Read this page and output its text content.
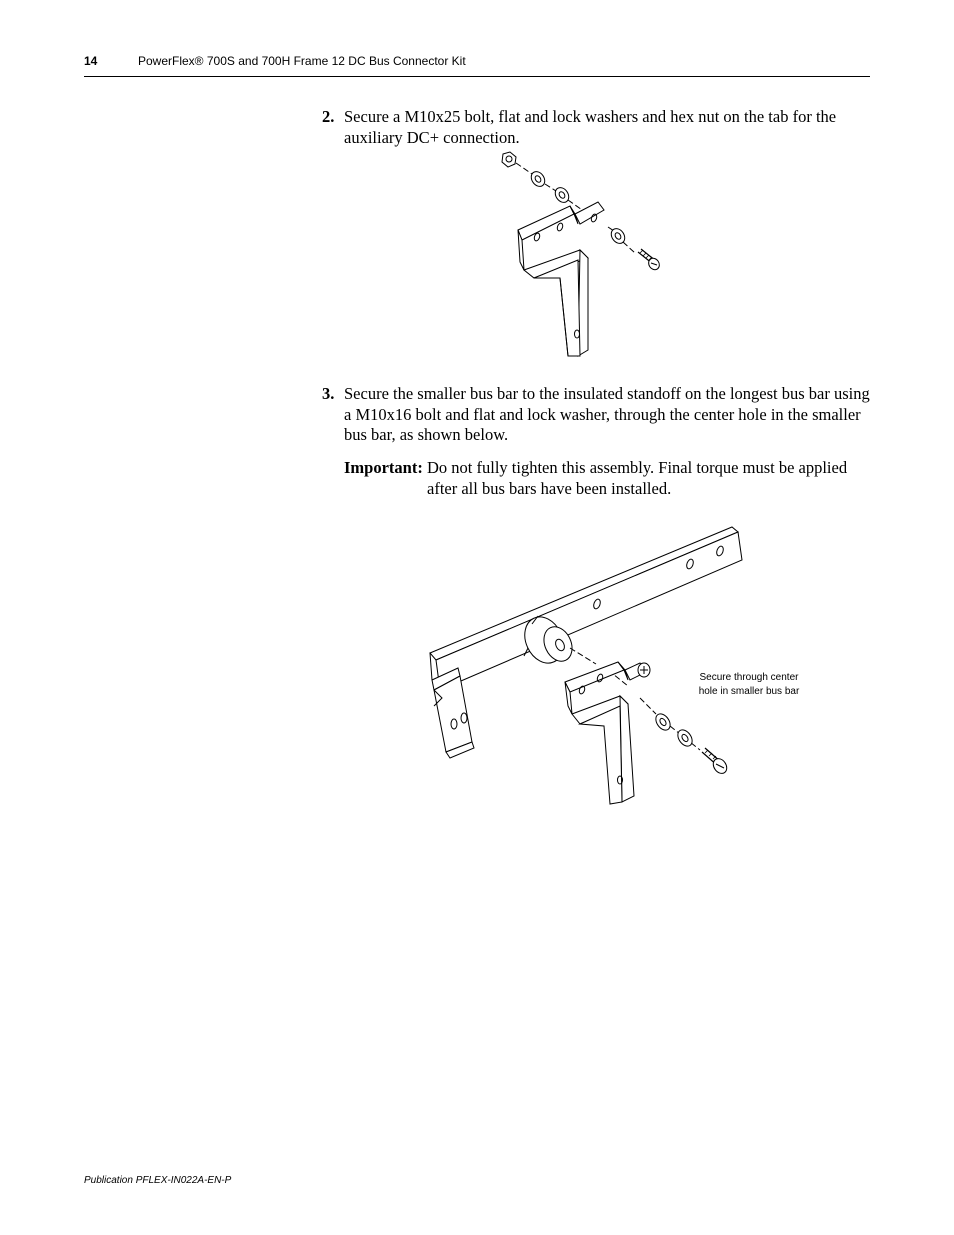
14	PowerFlex® 700S and 700H Frame 12 DC Bus Connector Kit
2. Secure a M10x25 bolt, flat and lock washers and hex nut on the tab for the auxiliary DC+ connection.
3. Secure the smaller bus bar to the insulated standoff on the longest bus bar using a M10x16 bolt and flat and lock washer, through the center hole in the smaller bus bar, as shown below.
Important: Do not fully tighten this assembly. Final torque must be applied after all bus bars have been installed.
Secure through center
hole in smaller bus bar
Publication PFLEX-IN022A-EN-P
